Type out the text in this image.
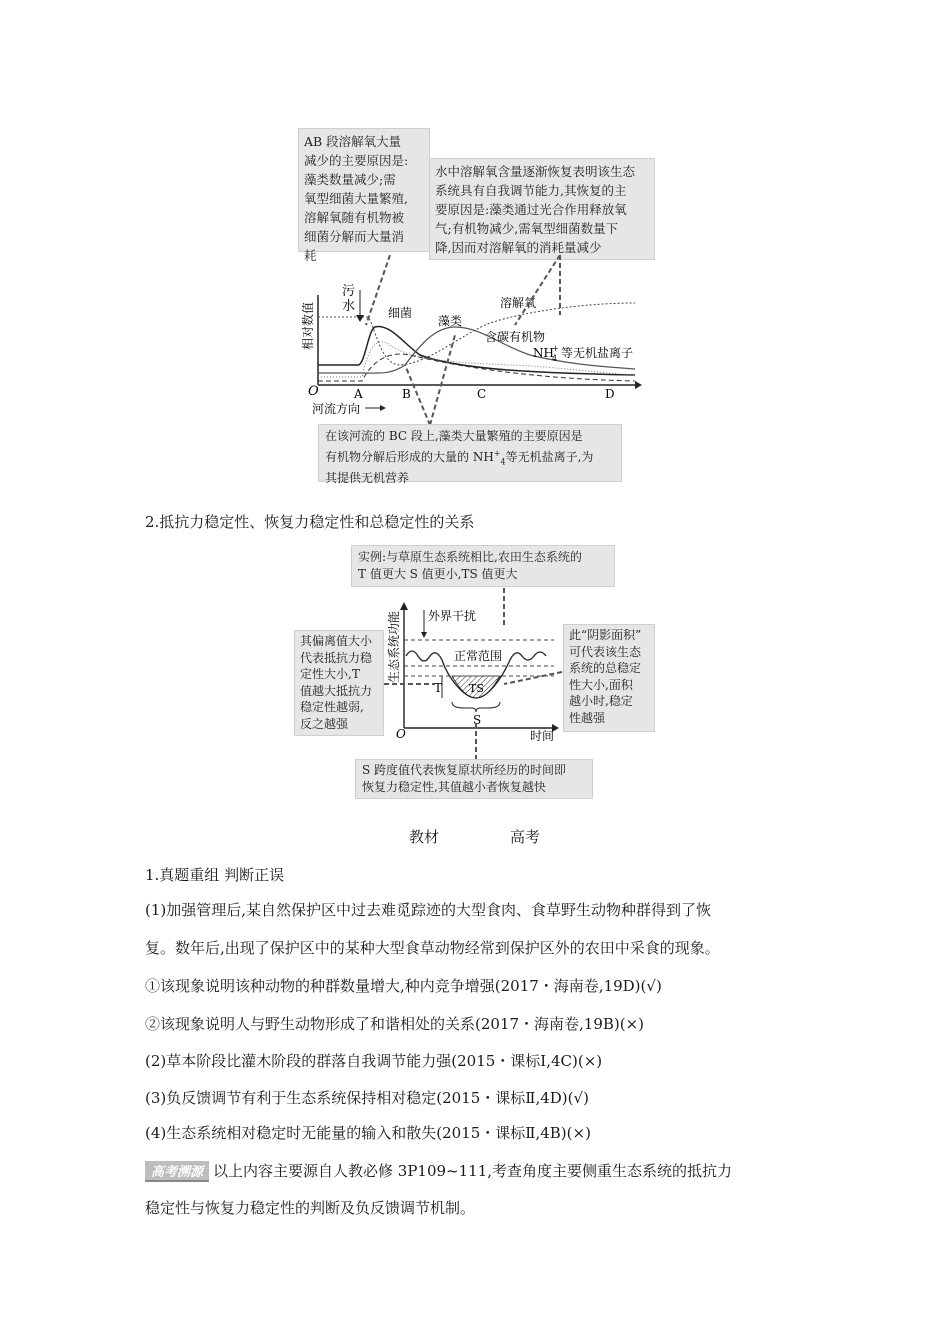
AB 段溶解氧大量
减少的主要原因是:
藻类数量减少;需
氧型细菌大量繁殖,
溶解氧随有机物被
细菌分解而大量消
耗
水中溶解氧含量逐渐恢复表明该生态
系统具有自我调节能力,其恢复的主
要原因是:藻类通过光合作用释放氧
气;有机物减少,需氧型细菌数量下
降,因而对溶解氧的消耗量减少
污
水
相对数值
O	A	B	C	D
河流方向
细菌
藻类
溶解氧
含碳有机物
NH
+
4 等无机盐离子
在该河流的 BC 段上,藻类大量繁殖的主要原因是
有机物分解后形成的大量的 $NH^+_4$等无机盐离子,为
其提供无机营养
2.抵抗力稳定性、恢复力稳定性和总稳定性的关系
实例:与草原生态系统相比,农田生态系统的
T 值更大 S 值更小,TS 值更大
其偏离值大小
代表抵抗力稳
定性大小,T
值越大抵抗力
稳定性越弱,
反之越强
此“阴影面积”
可代表该生态
系统的总稳定
性大小,面积
越小时,稳定
性越强
生态系统功能
O	时间
外界干扰
正常范围
TS
T
S
S 跨度值代表恢复原状所经历的时间即
恢复力稳定性,其值越小者恢复越快
教材	高考
1.真题重组 判断正误
(1)加强管理后,某自然保护区中过去难觅踪迹的大型食肉、食草野生动物种群得到了恢
复。数年后,出现了保护区中的某种大型食草动物经常到保护区外的农田中采食的现象。
①该现象说明该种动物的种群数量增大,种内竞争增强(2017・海南卷,19D)(√)
②该现象说明人与野生动物形成了和谐相处的关系(2017・海南卷,19B)(×)
(2)草本阶段比灌木阶段的群落自我调节能力强(2015・课标Ⅰ,4C)(×)
(3)负反馈调节有利于生态系统保持相对稳定(2015・课标Ⅱ,4D)(√)
(4)生态系统相对稳定时无能量的输入和散失(2015・课标Ⅱ,4B)(×)
高考溯源 以上内容主要源自人教必修 3P109~111,考查角度主要侧重生态系统的抵抗力
稳定性与恢复力稳定性的判断及负反馈调节机制。
